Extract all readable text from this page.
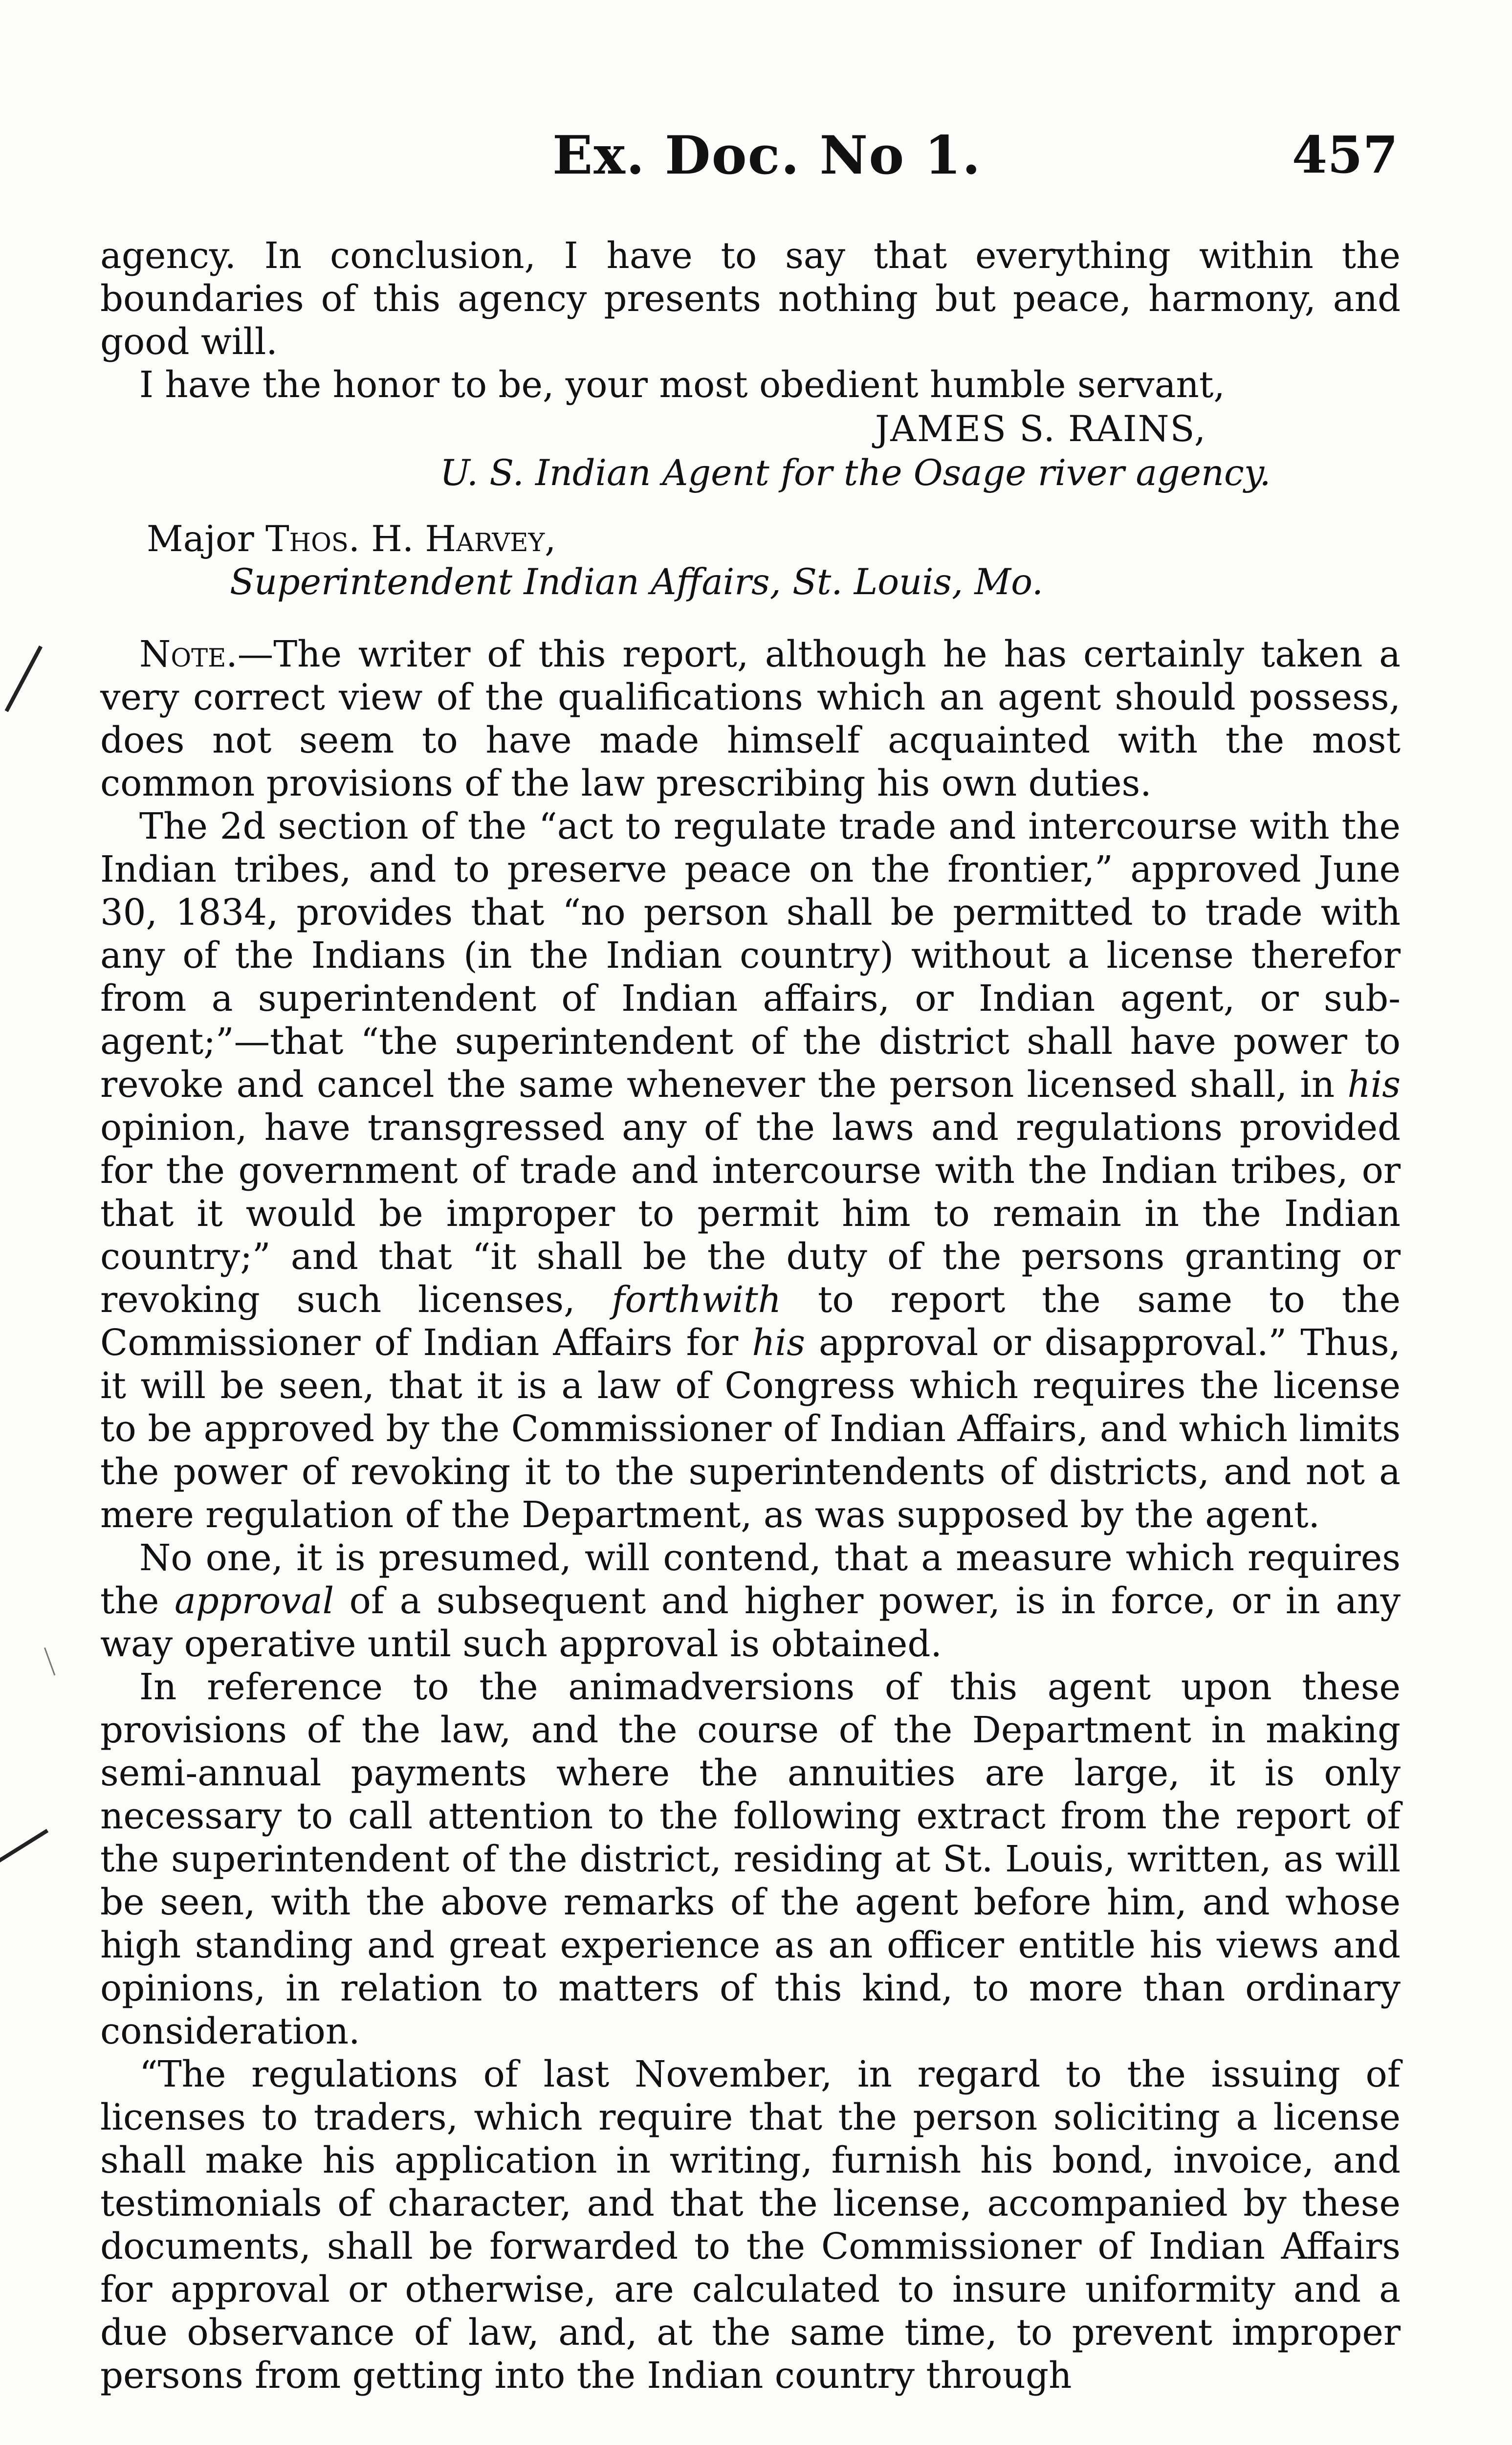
Ex. Doc. No 1.	457

agency. In conclusion, I have to say that everything within the boundaries of this agency presents nothing but peace, harmony, and good will.

I have the honor to be, your most obedient humble servant,

JAMES S. RAINS,
U. S. Indian Agent for the Osage river agency.
Major Thos. H. Harvey,
Superintendent Indian Affairs, St. Louis, Mo.

Note.—The writer of this report, although he has certainly taken a very correct view of the qualifications which an agent should possess, does not seem to have made himself acquainted with the most common provisions of the law prescribing his own duties.

The 2d section of the “act to regulate trade and intercourse with the Indian tribes, and to preserve peace on the frontier,” approved June 30, 1834, provides that “no person shall be permitted to trade with any of the Indians (in the Indian country) without a license therefor from a superintendent of Indian affairs, or Indian agent, or sub-agent;”—that “the superintendent of the district shall have power to revoke and cancel the same whenever the person licensed shall, in his opinion, have transgressed any of the laws and regulations provided for the government of trade and intercourse with the Indian tribes, or that it would be improper to permit him to remain in the Indian country;” and that “it shall be the duty of the persons granting or revoking such licenses, forthwith to report the same to the Commissioner of Indian Affairs for his approval or disapproval.” Thus, it will be seen, that it is a law of Congress which requires the license to be approved by the Commissioner of Indian Affairs, and which limits the power of revoking it to the superintendents of districts, and not a mere regulation of the Department, as was supposed by the agent.

No one, it is presumed, will contend, that a measure which requires the approval of a subsequent and higher power, is in force, or in any way operative until such approval is obtained.

In reference to the animadversions of this agent upon these provisions of the law, and the course of the Department in making semi-annual payments where the annuities are large, it is only necessary to call attention to the following extract from the report of the superintendent of the district, residing at St. Louis, written, as will be seen, with the above remarks of the agent before him, and whose high standing and great experience as an officer entitle his views and opinions, in relation to matters of this kind, to more than ordinary consideration.

“The regulations of last November, in regard to the issuing of licenses to traders, which require that the person soliciting a license shall make his application in writing, furnish his bond, invoice, and testimonials of character, and that the license, accompanied by these documents, shall be forwarded to the Commissioner of Indian Affairs for approval or otherwise, are calculated to insure uniformity and a due observance of law, and, at the same time, to prevent improper persons from getting into the Indian country through
